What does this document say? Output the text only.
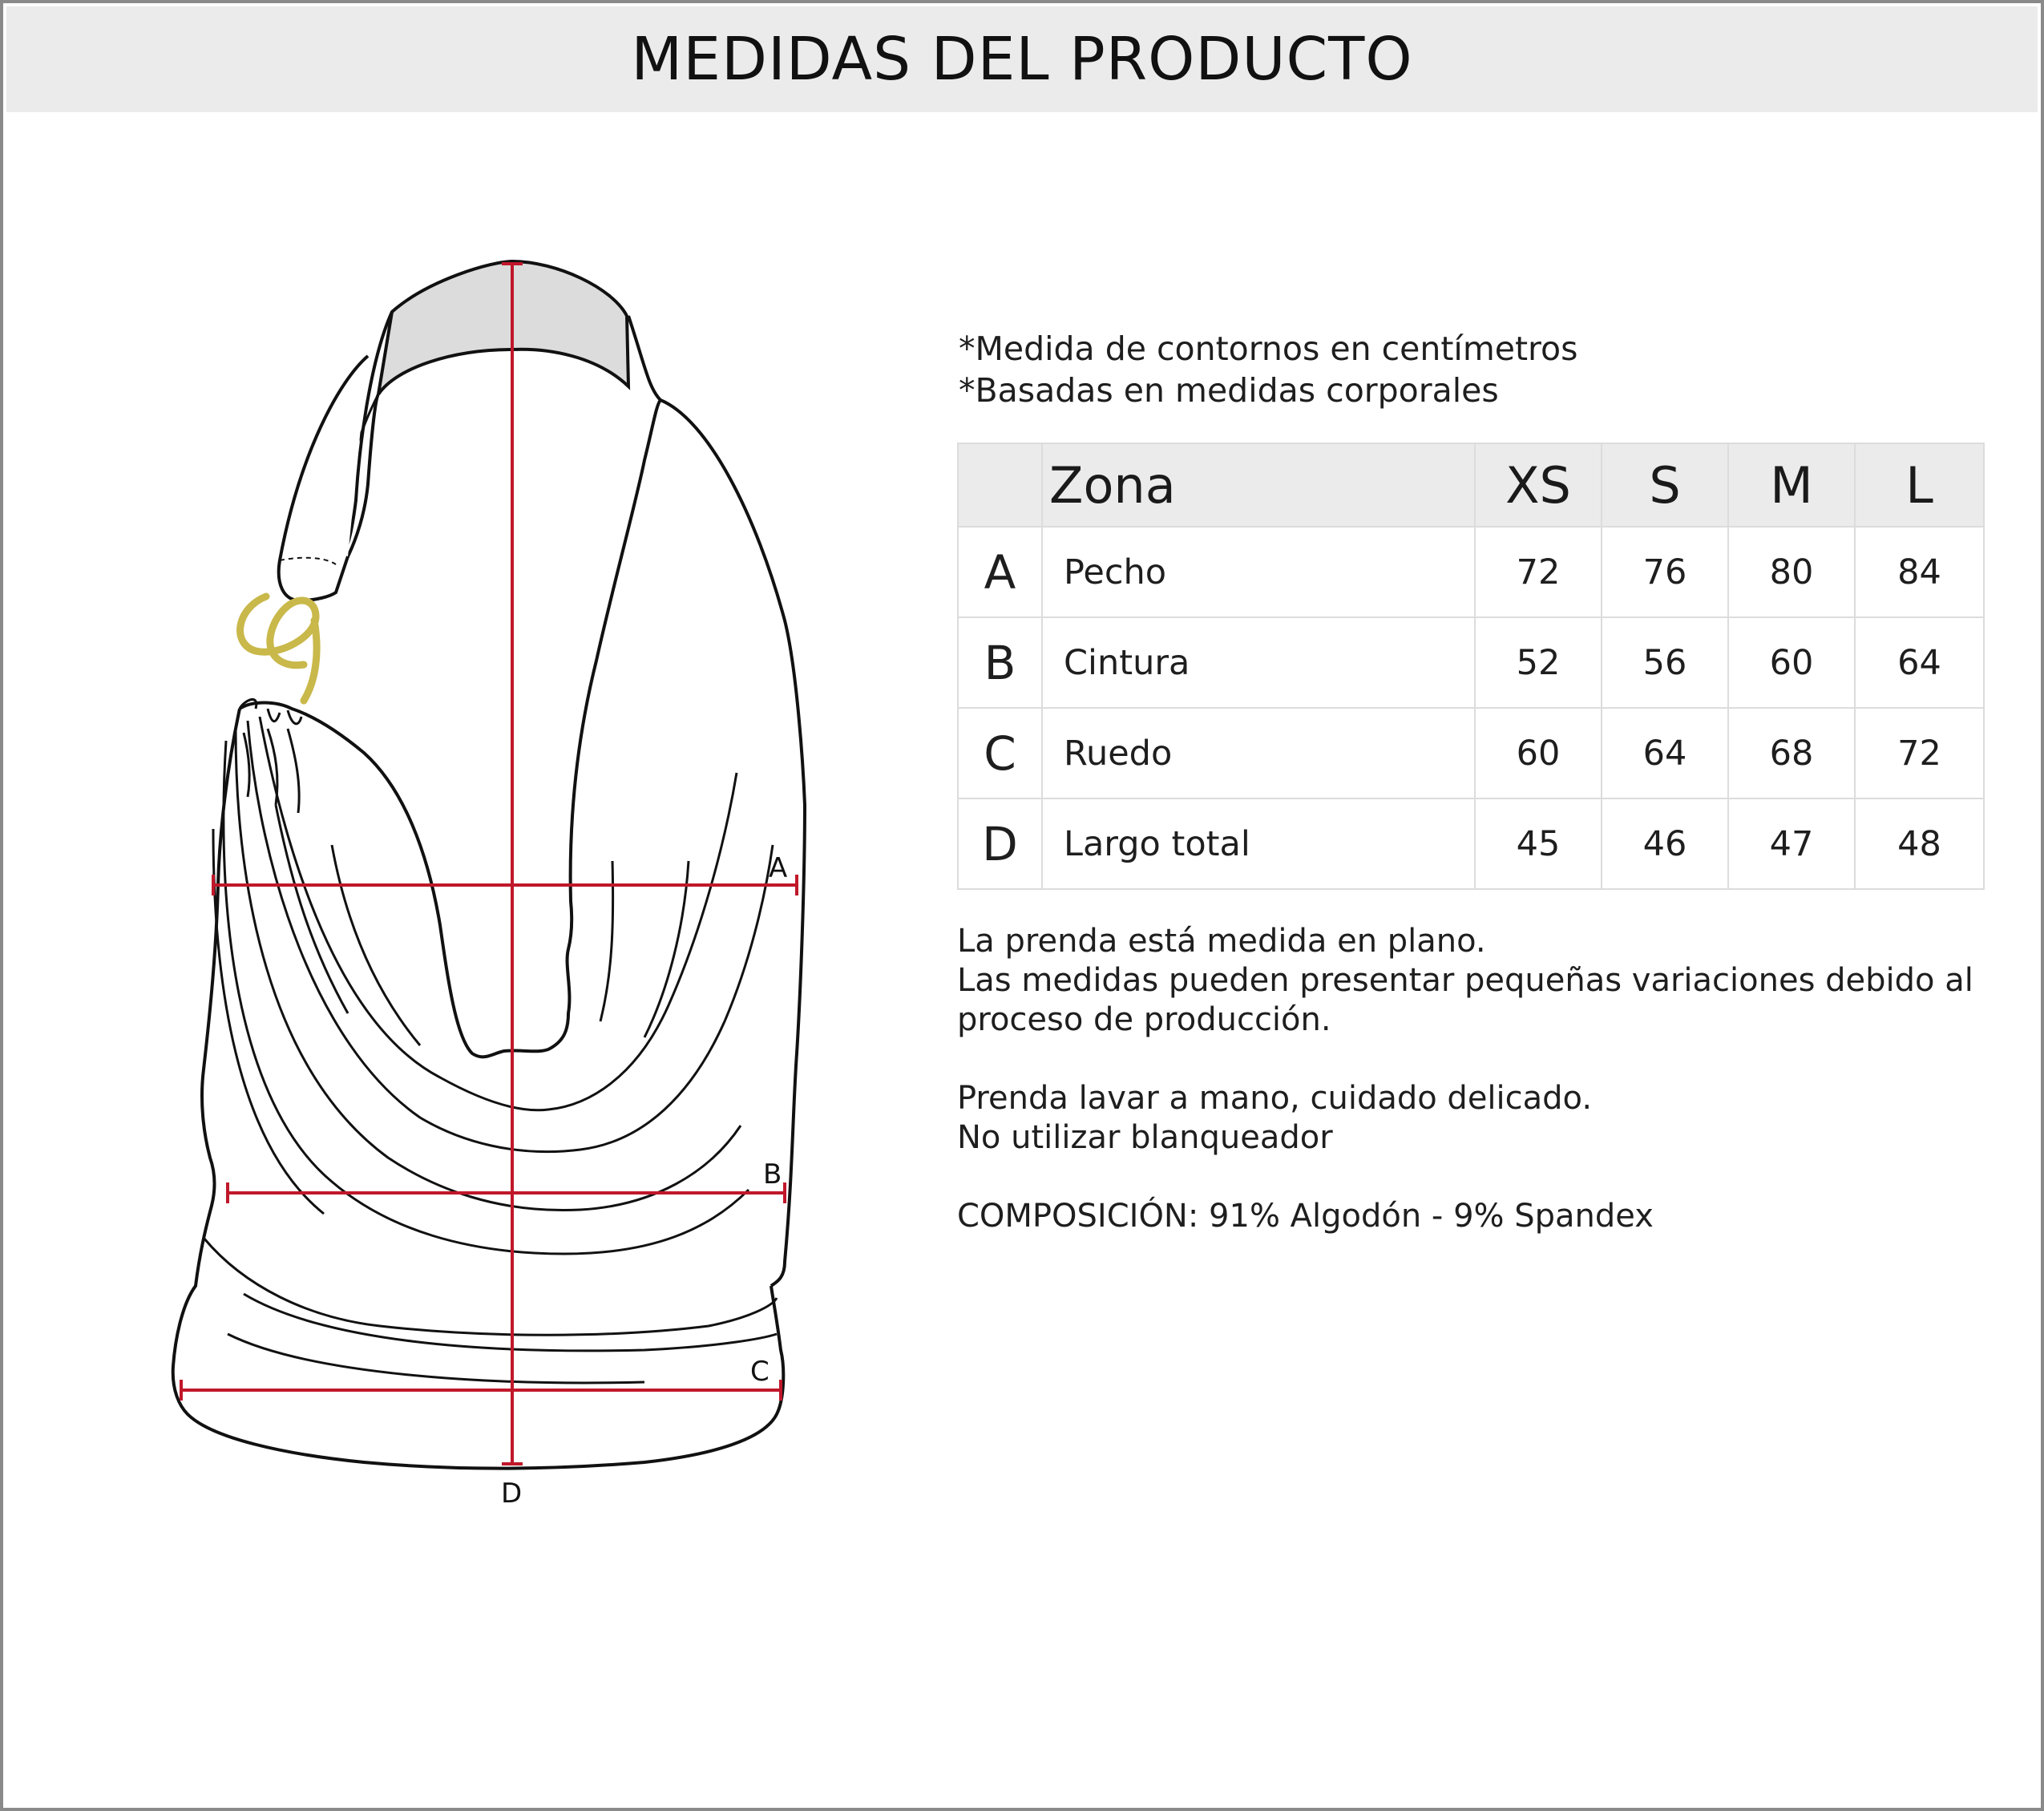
MEDIDAS DEL PRODUCTO
A
B
C
D
*Medida de contornos en centímetros
*Basadas en medidas corporales
	Zona	XS	S	M	L
A	Pecho	72	76	80	84
B	Cintura	52	56	60	64
C	Ruedo	60	64	68	72
D	Largo total	45	46	47	48

La prenda está medida en plano.
Las medidas pueden presentar pequeñas variaciones debido al
proceso de producción.

Prenda lavar a mano, cuidado delicado.
No utilizar blanqueador

COMPOSICIÓN: 91% Algodón - 9% Spandex
